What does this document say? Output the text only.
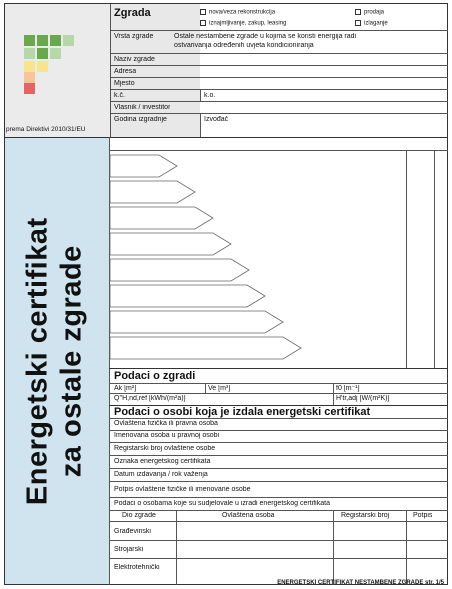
prema Direktivi 2010/31/EU
Zgrada	nova/veza rekonstrukcija	prodaja
iznajmljivanje, zakup, leasing	izlaganje
Vrsta zgrade	Ostale nestambene zgrade u kojima se koristi energija radi
ostvarivanja određenih uvjeta kondicioniranja
Naziv zgrade
Adresa
Mjesto
k.č.	k.o.
Vlasnik / investitor
Godina izgradnje	Izvođač
Energetski certifikat za ostale zgrade Podaci o zgradi
Ak [m²]	Ve [m³]	f0 [m⁻¹]
Q''H,nd,ref [kWh/(m²a)]	H'tr,adj [W/(m²K)]
Podaci o osobi koja je izdala energetski certifikat
Ovlaštena fizička ili pravna osoba
Imenovana osoba u pravnoj osobi
Registarski broj ovlaštene osobe
Oznaka energetskog certifikata
Datum izdavanja / rok važenja
Potpis ovlaštene fizičke ili imenovane osobe
Podaci o osobama koje su sudjelovale u izradi energetskog certifikata
Dio zgrade	Ovlaštena osoba	Registarski broj	Potpis
Građevinski
Strojarski
Elektrotehnički
ENERGETSKI CERTIFIKAT NESTAMBENE ZGRADE str. 1/5
